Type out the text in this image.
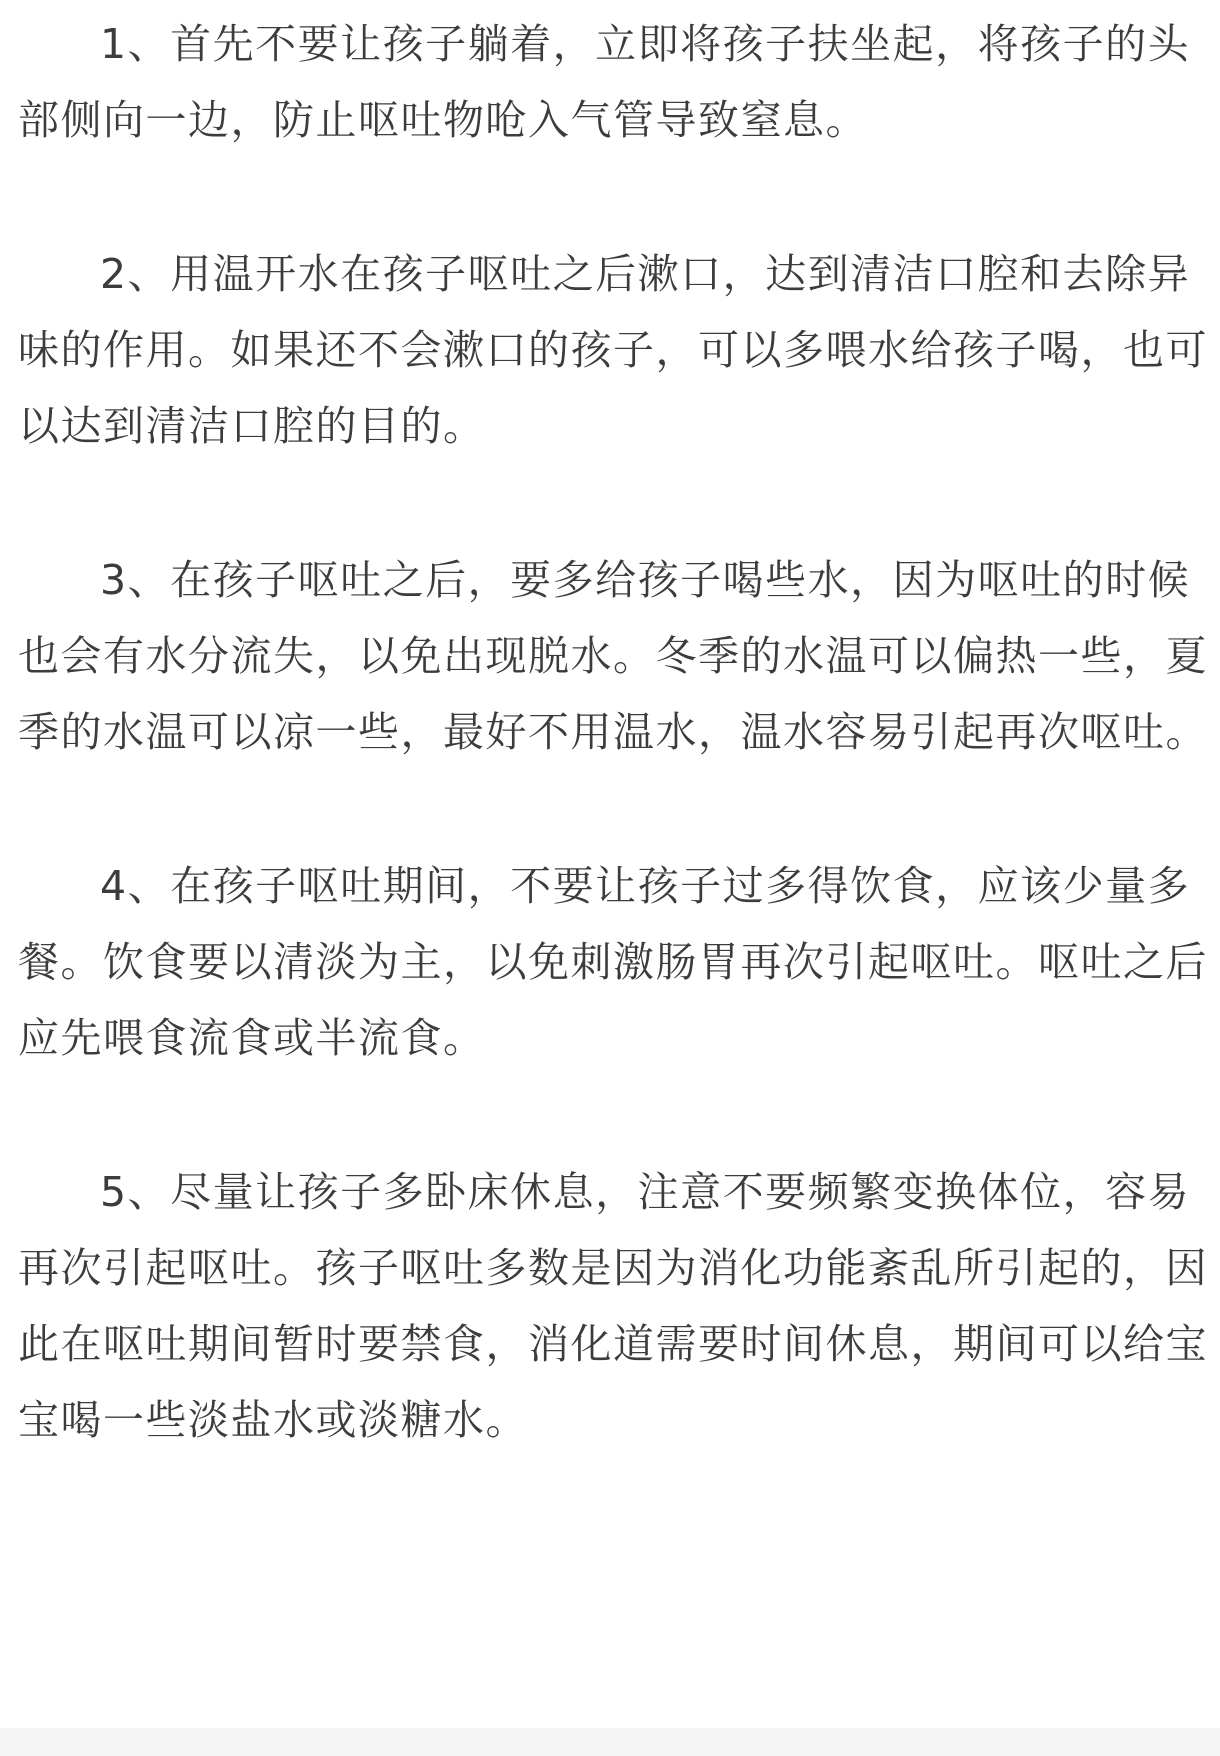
1、首先不要让孩子躺着，立即将孩子扶坐起，将孩子的头部侧向一边，防止呕吐物呛入气管导致窒息。

2、用温开水在孩子呕吐之后漱口，达到清洁口腔和去除异味的作用。如果还不会漱口的孩子，可以多喂水给孩子喝，也可以达到清洁口腔的目的。

3、在孩子呕吐之后，要多给孩子喝些水，因为呕吐的时候也会有水分流失，以免出现脱水。冬季的水温可以偏热一些，夏季的水温可以凉一些，最好不用温水，温水容易引起再次呕吐。

4、在孩子呕吐期间，不要让孩子过多得饮食，应该少量多餐。饮食要以清淡为主，以免刺激肠胃再次引起呕吐。呕吐之后应先喂食流食或半流食。

5、尽量让孩子多卧床休息，注意不要频繁变换体位，容易再次引起呕吐。孩子呕吐多数是因为消化功能紊乱所引起的，因此在呕吐期间暂时要禁食，消化道需要时间休息，期间可以给宝宝喝一些淡盐水或淡糖水。
